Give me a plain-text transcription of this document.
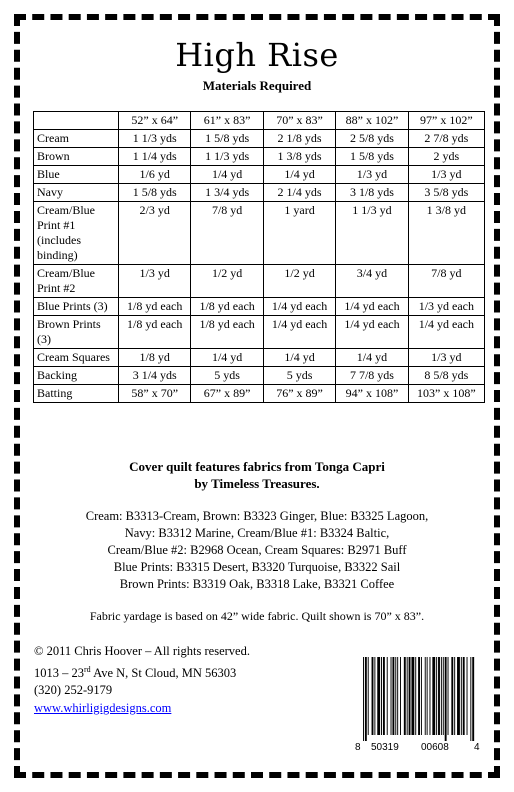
High Rise
Materials Required
	52” x 64”	61” x 83”	70” x 83”	88” x 102”	97” x 102”
Cream	1 1/3 yds	1 5/8 yds	2 1/8 yds	2 5/8 yds	2 7/8 yds
Brown	1 1/4 yds	1 1/3 yds	1 3/8 yds	1 5/8 yds	2 yds
Blue	1/6 yd	1/4 yd	1/4 yd	1/3 yd	1/3 yd
Navy	1 5/8 yds	1 3/4 yds	2 1/4 yds	3 1/8 yds	3 5/8 yds
Cream/Blue Print #1 (includes binding)	2/3 yd	7/8 yd	1 yard	1 1/3 yd	1 3/8 yd
Cream/Blue Print #2	1/3 yd	1/2 yd	1/2 yd	3/4 yd	7/8 yd
Blue Prints (3)	1/8 yd each	1/8 yd each	1/4 yd each	1/4 yd each	1/3 yd each
Brown Prints (3)	1/8 yd each	1/8 yd each	1/4 yd each	1/4 yd each	1/4 yd each
Cream Squares	1/8 yd	1/4 yd	1/4 yd	1/4 yd	1/3 yd
Backing	3 1/4 yds	5 yds	5 yds	7 7/8 yds	8 5/8 yds
Batting	58” x 70”	67” x 89”	76” x 89”	94” x 108”	103” x 108”
Cover quilt features fabrics from Tonga Capri
by Timeless Treasures.
Cream: B3313-Cream, Brown: B3323 Ginger, Blue: B3325 Lagoon,
Navy: B3312 Marine, Cream/Blue #1: B3324 Baltic,
Cream/Blue #2: B2968 Ocean, Cream Squares: B2971 Buff
Blue Prints: B3315 Desert, B3320 Turquoise, B3322 Sail
Brown Prints: B3319 Oak, B3318 Lake, B3321 Coffee
Fabric yardage is based on 42” wide fabric. Quilt shown is 70” x 83”.
© 2011 Chris Hoover – All rights reserved.
1013 – 23rd Ave N, St Cloud, MN 56303
(320) 252-9179
www.whirligigdesigns.com
8 50319 00608	4
